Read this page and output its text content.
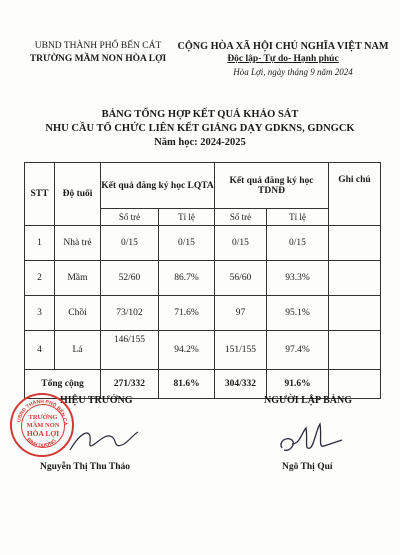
UBND THÀNH PHỐ BẾN CÁT
TRƯỜNG MẦM NON HÒA LỢI
CỘNG HÒA XÃ HỘI CHỦ NGHĨA VIỆT NAM
Độc lập- Tự do- Hạnh phúc
Hòa Lợi, ngày tháng 9 năm 2024
BẢNG TỔNG HỢP KẾT QUẢ KHẢO SÁT
NHU CẦU TỔ CHỨC LIÊN KẾT GIẢNG DẠY GDKNS, GDNGCK
Năm học: 2024-2025
STT	Độ tuổi	Kết quả đăng ký học LQTA		Kết quả đăng ký học TDNĐ		Ghi chú
		Số trẻ	Tỉ lệ	Số trẻ	Tỉ lệ	
1	Nhà trẻ	0/15	0/15	0/15	0/15	
2	Mầm	52/60	86.7%	56/60	93.3%	
3	Chồi	73/102	71.6%	97	95.1%	
4	Lá	146/155	94.2%	151/155	97.4%	
Tổng cộng		271/332	81.6%	304/332	91.6%	
HIỆU TRƯỞNG	NGƯỜI LẬP BẢNG
UBND THÀNH PHỐ BẾN CÁ
BÌNH DƯƠNG
TRƯỜNG
MẦM NON
HÒA LỢI
Nguyễn Thị Thu Thảo	Ngô Thị Quí
